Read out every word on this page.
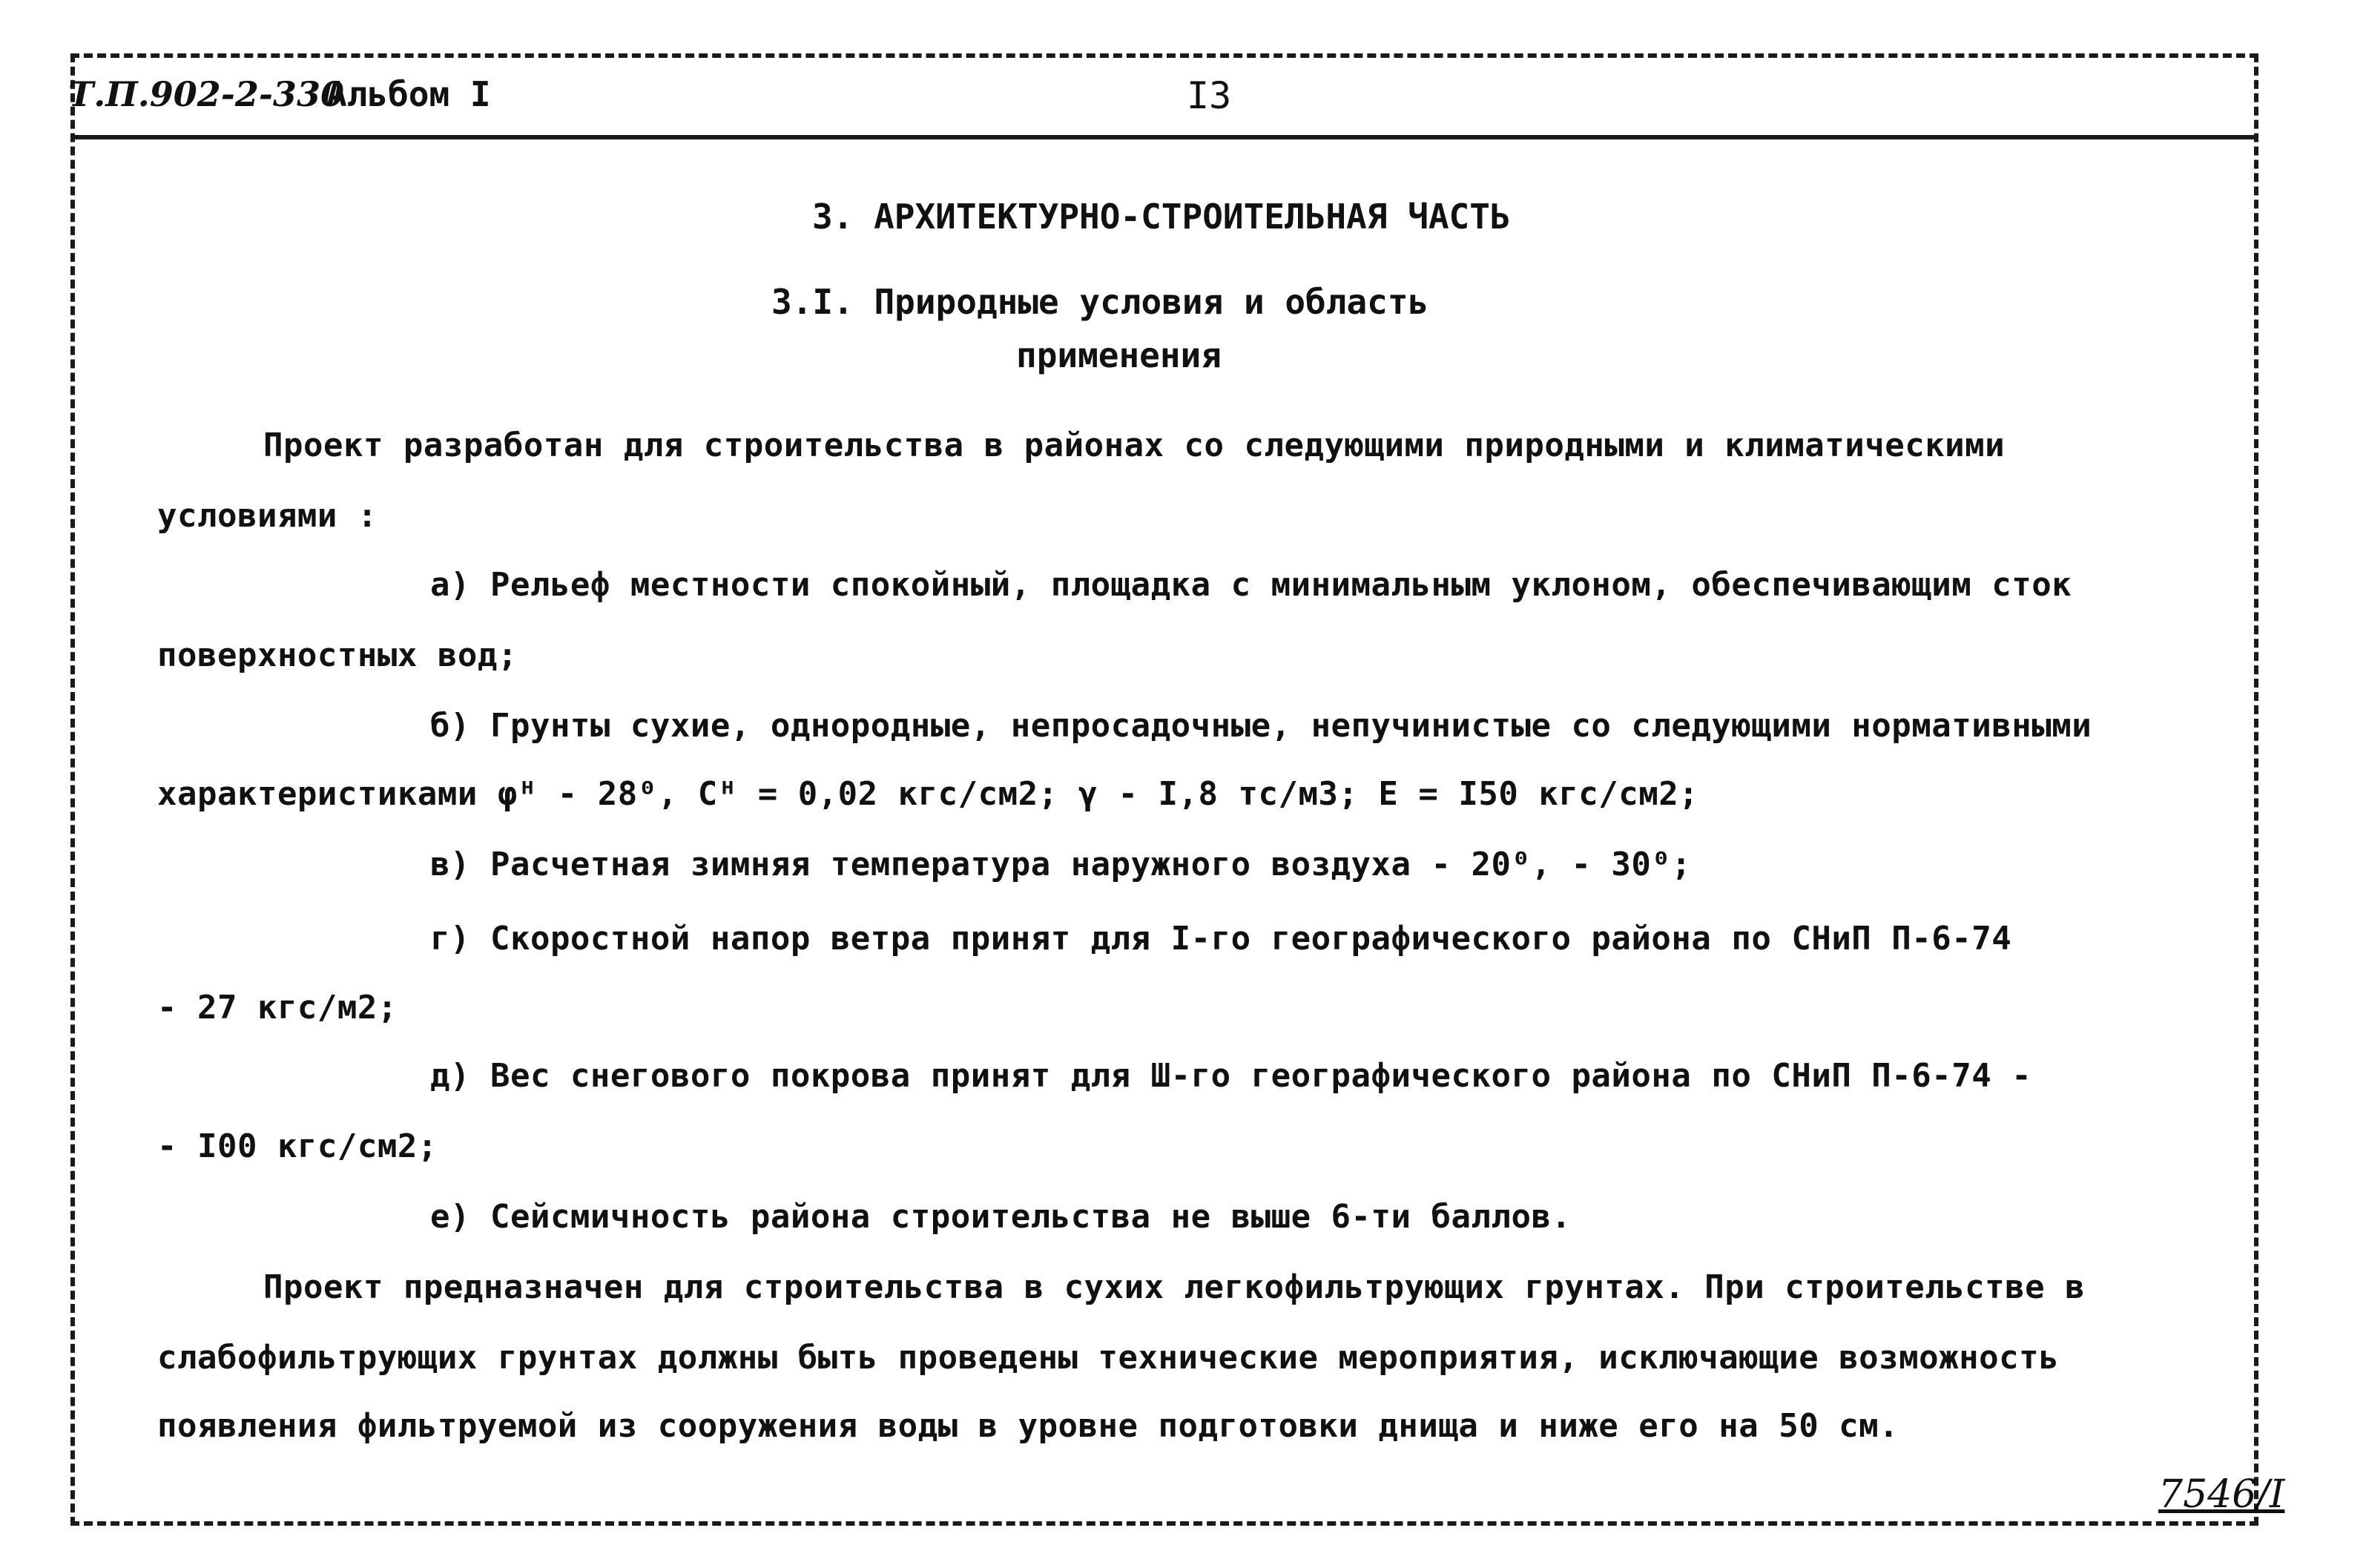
Т.П.902-2-330
Альбом I	I3
3. АРХИТЕКТУРНО-СТРОИТЕЛЬНАЯ ЧАСТЬ
3.I. Природные условия и область
применения
Проект разработан для строительства в районах со следующими природными и климатическими
условиями :
а) Рельеф местности спокойный, площадка с минимальным уклоном, обеспечивающим сток
поверхностных вод;
б) Грунты сухие, однородные, непросадочные, непучинистые со следующими нормативными
характеристиками φᴴ - 28⁰, Cᴴ = 0,02 кгс/см2; γ - I,8 тс/м3; E = I50 кгс/см2;
в) Расчетная зимняя температура наружного воздуха - 20⁰, - 30⁰;
г) Скоростной напор ветра принят для I-го географического района по СНиП П-6-74
- 27 кгс/м2;
д) Вес снегового покрова принят для Ш-го географического района по СНиП П-6-74 -
- I00 кгс/см2;
е) Сейсмичность района строительства не выше 6-ти баллов.
Проект предназначен для строительства в сухих легкофильтрующих грунтах. При строительстве в
слабофильтрующих грунтах должны быть проведены технические мероприятия, исключающие возможность
появления фильтруемой из сооружения воды в уровне подготовки днища и ниже его на 50 см.
7546/I
